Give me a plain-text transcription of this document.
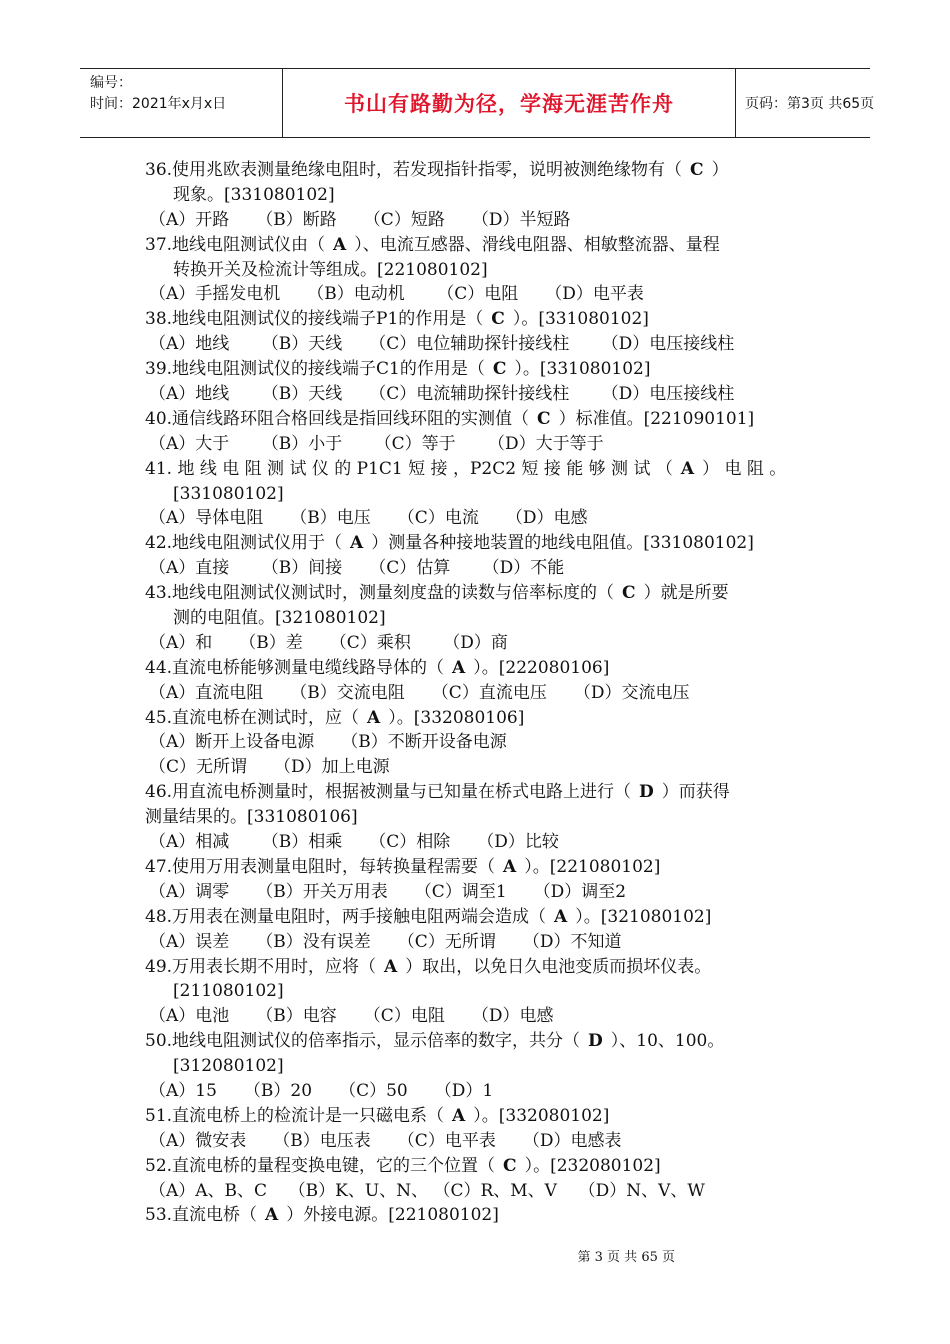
编号：
时间：2021年x月x日	书山有路勤为径，学海无涯苦作舟	页码：第3页 共65页
36.使用兆欧表测量绝缘电阻时，若发现指针指零，说明被测绝缘物有（ C ）
现象。[331080102]
（A）开路     （B）断路     （C）短路     （D）半短路
37.地线电阻测试仪由（ A ）、电流互感器、滑线电阻器、相敏整流器、量程
转换开关及检流计等组成。[221080102]
（A）手摇发电机     （B）电动机      （C）电阻     （D）电平表
38.地线电阻测试仪的接线端子P1的作用是（ C ）。[331080102]
（A）地线      （B）天线     （C）电位辅助探针接线柱      （D）电压接线柱
39.地线电阻测试仪的接线端子C1的作用是（ C ）。[331080102]
（A）地线      （B）天线     （C）电流辅助探针接线柱      （D）电压接线柱
40.通信线路环阻合格回线是指回线环阻的实测值（ C ）标准值。[221090101]
（A）大于      （B）小于      （C）等于      （D）大于等于
41. 地 线 电 阻 测 试 仪 的 P1C1 短 接 ，P2C2 短 接 能 够 测 试 （ A ） 电 阻 。
[331080102]
（A）导体电阻     （B）电压     （C）电流     （D）电感
42.地线电阻测试仪用于（ A ）测量各种接地装置的地线电阻值。[331080102]
（A）直接      （B）间接     （C）估算      （D）不能
43.地线电阻测试仪测试时，测量刻度盘的读数与倍率标度的（ C ）就是所要
测的电阻值。[321080102]
（A）和     （B）差     （C）乘积      （D）商
44.直流电桥能够测量电缆线路导体的（ A ）。[222080106]
（A）直流电阻     （B）交流电阻     （C）直流电压     （D）交流电压
45.直流电桥在测试时，应（ A ）。[332080106]
（A）断开上设备电源     （B）不断开设备电源
（C）无所谓     （D）加上电源
46.用直流电桥测量时，根据被测量与已知量在桥式电路上进行（ D ）而获得
测量结果的。[331080106]
（A）相减      （B）相乘     （C）相除     （D）比较
47.使用万用表测量电阻时，每转换量程需要（ A ）。[221080102]
（A）调零     （B）开关万用表     （C）调至1     （D）调至2
48.万用表在测量电阻时，两手接触电阻两端会造成（ A ）。[321080102]
（A）误差     （B）没有误差     （C）无所谓     （D）不知道
49.万用表长期不用时，应将（ A ）取出，以免日久电池变质而损坏仪表。
[211080102]
（A）电池     （B）电容     （C）电阻     （D）电感
50.地线电阻测试仪的倍率指示，显示倍率的数字，共分（ D ）、10、100。
[312080102]
（A）15     （B）20     （C）50     （D）1
51.直流电桥上的检流计是一只磁电系（ A ）。[332080102]
（A）微安表     （B）电压表     （C）电平表     （D）电感表
52.直流电桥的量程变换电键，它的三个位置（ C ）。[232080102]
（A）A、B、C    （B）K、U、N、 （C）R、M、V    （D）N、V、W
53.直流电桥（ A ）外接电源。[221080102]
第 3 页 共 65 页
